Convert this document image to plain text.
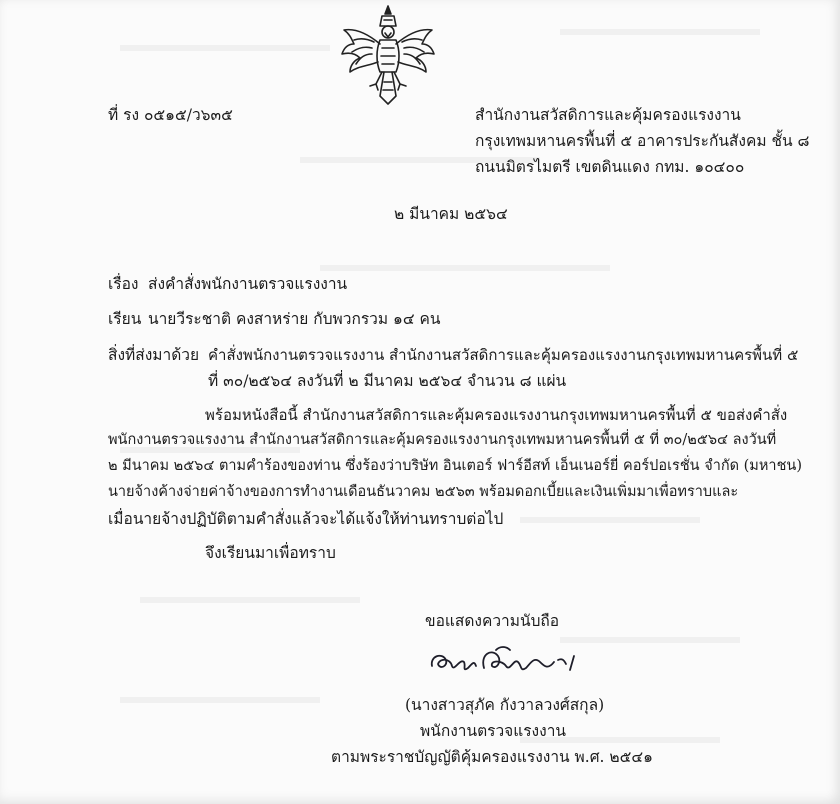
ที่ รง ๐๕๑๕/ว๖๓๕	สำนักงานสวัสดิการและคุ้มครองแรงงาน
กรุงเทพมหานครพื้นที่ ๕ อาคารประกันสังคม ชั้น ๘
ถนนมิตรไมตรี เขตดินแดง กทม. ๑๐๔๐๐
๒ มีนาคม ๒๕๖๔
เรื่อง ส่งคำสั่งพนักงานตรวจแรงงาน
เรียน นายวีระชาติ คงสาหร่าย กับพวกรวม ๑๔ คน
สิ่งที่ส่งมาด้วย คำสั่งพนักงานตรวจแรงงาน สำนักงานสวัสดิการและคุ้มครองแรงงานกรุงเทพมหานครพื้นที่ ๕
ที่ ๓๐/๒๕๖๔ ลงวันที่ ๒ มีนาคม ๒๕๖๔ จำนวน ๘ แผ่น
พร้อมหนังสือนี้ สำนักงานสวัสดิการและคุ้มครองแรงงานกรุงเทพมหานครพื้นที่ ๕ ขอส่งคำสั่ง
พนักงานตรวจแรงงาน สำนักงานสวัสดิการและคุ้มครองแรงงานกรุงเทพมหานครพื้นที่ ๕ ที่ ๓๐/๒๕๖๔ ลงวันที่
๒ มีนาคม ๒๕๖๔ ตามคำร้องของท่าน ซึ่งร้องว่าบริษัท อินเตอร์ ฟาร์อีสท์ เอ็นเนอร์ยี่ คอร์ปอเรชั่น จำกัด (มหาชน)
นายจ้างค้างจ่ายค่าจ้างของการทำงานเดือนธันวาคม ๒๕๖๓ พร้อมดอกเบี้ยและเงินเพิ่มมาเพื่อทราบและ
เมื่อนายจ้างปฏิบัติตามคำสั่งแล้วจะได้แจ้งให้ท่านทราบต่อไป
จึงเรียนมาเพื่อทราบ
ขอแสดงความนับถือ
(นางสาวสุภัค กังวาลวงศ์สกุล)
พนักงานตรวจแรงงาน
ตามพระราชบัญญัติคุ้มครองแรงงาน พ.ศ. ๒๕๔๑
